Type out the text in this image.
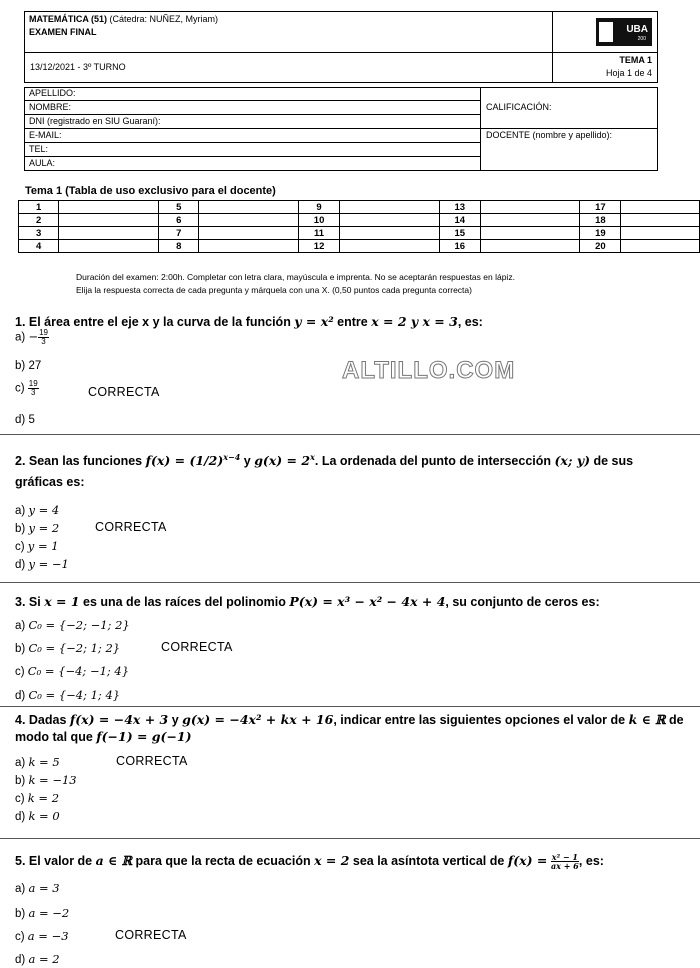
MATEMÁTICA (51) (Cátedra: NUÑEZ, Myriam)
EXAMEN FINAL
13/12/2021 - 3º TURNO
TEMA 1
Hoja 1 de 4
UBA
200
APELLIDO:
NOMBRE:
DNI (registrado en SIU Guaraní):
E-MAIL:
TEL:
AULA:
CALIFICACIÓN:
DOCENTE (nombre y apellido):
Tema 1 (Tabla de uso exclusivo para el docente)
1		5		9		13		17	
2		6		10		14		18	
3		7		11		15		19	
4		8		12		16		20	
Duración del examen: 2:00h. Completar con letra clara, mayúscula e imprenta. No se aceptarán respuestas en lápiz.
Elija la respuesta correcta de cada pregunta y márquela con una X. (0,50 puntos cada pregunta correcta)
ALTILLO.COM
1. El área entre el eje x y la curva de la función y = x² entre x = 2 y x = 3, es:
$a) - \frac{19}{3}$
b) 27
$c) \frac{19}{3}$	CORRECTA
d) 5
2. Sean las funciones $f(x) = (1/2)^{x-4}$ y $g(x) = 2^x$. La ordenada del punto de intersección (x; y) de sus
gráficas es:
a) y = 4
b) y = 2	CORRECTA
c) y = 1
d) y = −1
3. Si x = 1 es una de las raíces del polinomio P(x) = x³ − x² − 4x + 4, su conjunto de ceros es:
a) C₀ = {−2; −1; 2}
b) C₀ = {−2; 1; 2}	CORRECTA
c) C₀ = {−4; −1; 4}
d) C₀ = {−4; 1; 4}
4. Dadas f(x) = −4x + 3 y g(x) = −4x² + kx + 16, indicar entre las siguientes opciones el valor de k ∈ ℝ de
modo tal que f(−1) = g(−1)
a) k = 5	CORRECTA
b) k = −13
c) k = 2
d) k = 0
5. El valor de a ∈ ℝ para que la recta de ecuación x = 2 sea la asíntota vertical de $f(x) = \frac{\text{x² − 1}}{ax + 6}$ , es:
a) a = 3
b) a = −2
c) a = −3	CORRECTA
d) a = 2
